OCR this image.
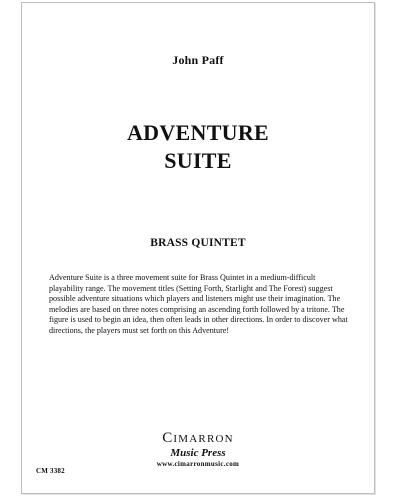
John Paff
ADVENTURE
SUITE
BRASS QUINTET
Adventure Suite is a three movement suite for Brass Quintet in a medium-difficult playability range. The movement titles (Setting Forth, Starlight and The Forest) suggest possible adventure situations which players and listeners might use their imagination. The melodies are based on three notes comprising an ascending forth followed by a tritone. The figure is used to begin an idea, then often leads in other directions. In order to discover what directions, the players must set forth on this Adventure!
Cimarron
Music Press
www.cimarronmusic.com
CM 3382
